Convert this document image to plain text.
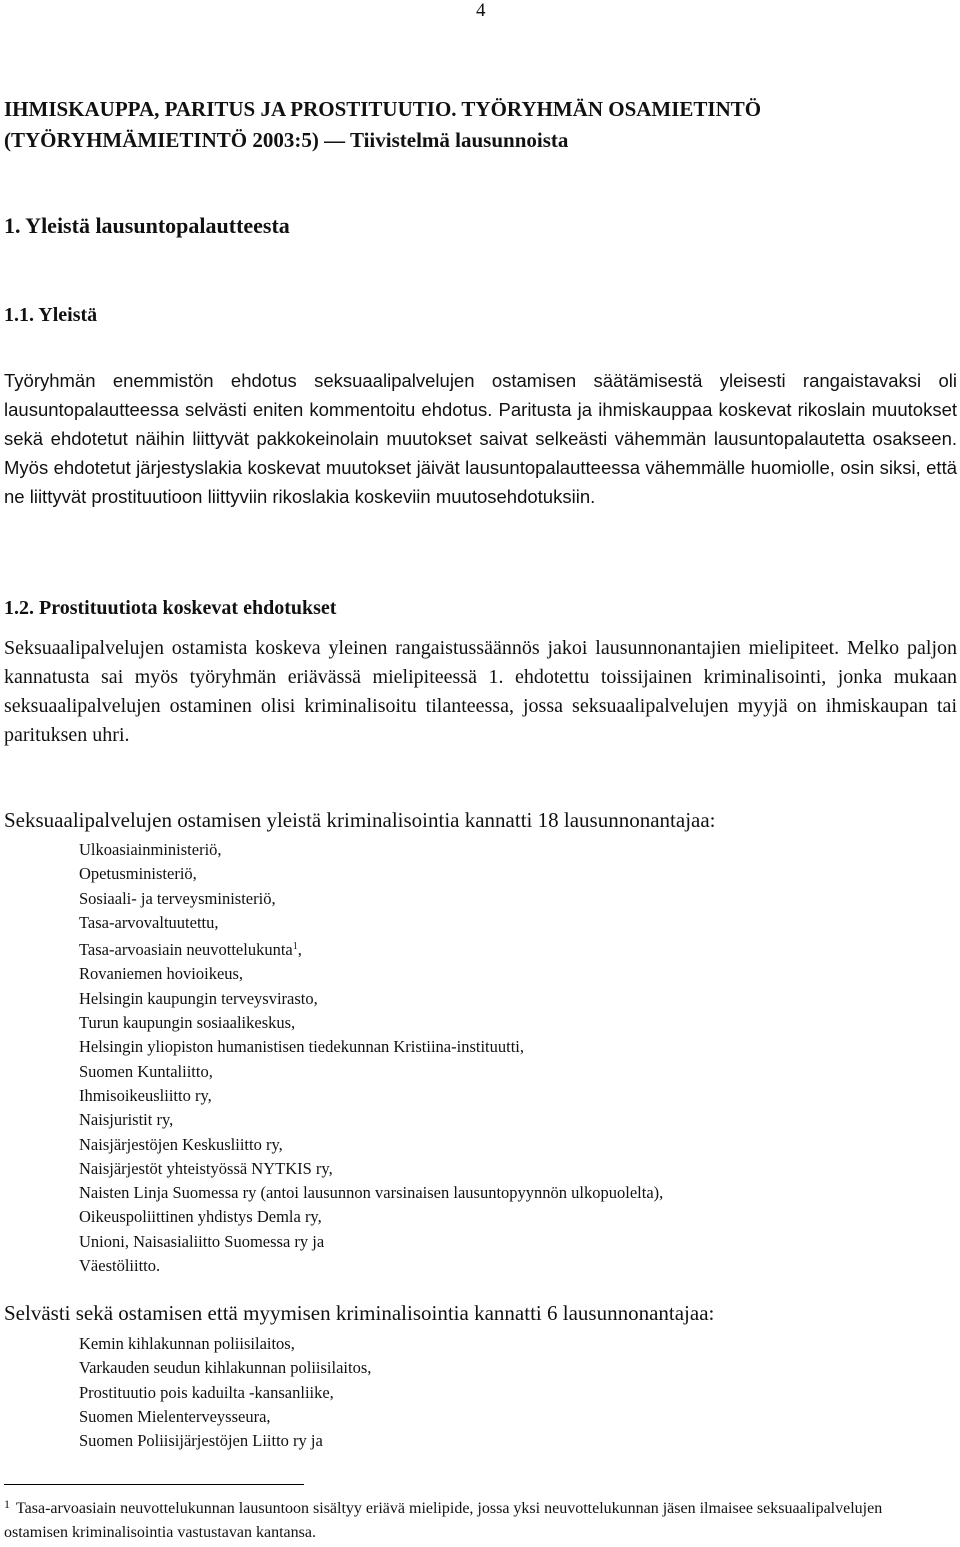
4
IHMISKAUPPA, PARITUS JA PROSTITUUTIO. TYÖRYHMÄN OSAMIETINTÖ
(TYÖRYHMÄMIETINTÖ 2003:5) — Tiivistelmä lausunnoista
1. Yleistä lausuntopalautteesta
1.1. Yleistä
Työryhmän enemmistön ehdotus seksuaalipalvelujen ostamisen säätämisestä yleisesti rangaistavaksi oli lausuntopalautteessa selvästi eniten kommentoitu ehdotus. Paritusta ja ihmiskauppaa koskevat rikoslain muutokset sekä ehdotetut näihin liittyvät pakkokeinolain muutokset saivat selkeästi vähemmän lausuntopalautetta osakseen. Myös ehdotetut järjestyslakia koskevat muutokset jäivät lausuntopalautteessa vähemmälle huomiolle, osin siksi, että ne liittyvät prostituutioon liittyviin rikoslakia koskeviin muutosehdotuksiin.
1.2. Prostituutiota koskevat ehdotukset
Seksuaalipalvelujen ostamista koskeva yleinen rangaistussäännös jakoi lausunnonantajien mielipiteet. Melko paljon kannatusta sai myös työryhmän eriävässä mielipiteessä 1. ehdotettu toissijainen kriminalisointi, jonka mukaan seksuaalipalvelujen ostaminen olisi kriminalisoitu tilanteessa, jossa seksuaalipalvelujen myyjä on ihmiskaupan tai parituksen uhri.
Seksuaalipalvelujen ostamisen yleistä kriminalisointia kannatti 18 lausunnonantajaa:
Ulkoasiainministeriö,
Opetusministeriö,
Sosiaali- ja terveysministeriö,
Tasa-arvovaltuutettu,
Tasa-arvoasiain neuvottelukunta$^1$,
Rovaniemen hovioikeus,
Helsingin kaupungin terveysvirasto,
Turun kaupungin sosiaalikeskus,
Helsingin yliopiston humanistisen tiedekunnan Kristiina-instituutti,
Suomen Kuntaliitto,
Ihmisoikeusliitto ry,
Naisjuristit ry,
Naisjärjestöjen Keskusliitto ry,
Naisjärjestöt yhteistyössä NYTKIS ry,
Naisten Linja Suomessa ry (antoi lausunnon varsinaisen lausuntopyynnön ulkopuolelta),
Oikeuspoliittinen yhdistys Demla ry,
Unioni, Naisasialiitto Suomessa ry ja
Väestöliitto.
Selvästi sekä ostamisen että myymisen kriminalisointia kannatti 6 lausunnonantajaa:
Kemin kihlakunnan poliisilaitos,
Varkauden seudun kihlakunnan poliisilaitos,
Prostituutio pois kaduilta -kansanliike,
Suomen Mielenterveysseura,
Suomen Poliisijärjestöjen Liitto ry ja
$^1$ Tasa-arvoasiain neuvottelukunnan lausuntoon sisältyy eriävä mielipide, jossa yksi neuvottelukunnan jäsen ilmaisee seksuaalipalvelujen ostamisen kriminalisointia vastustavan kantansa.
